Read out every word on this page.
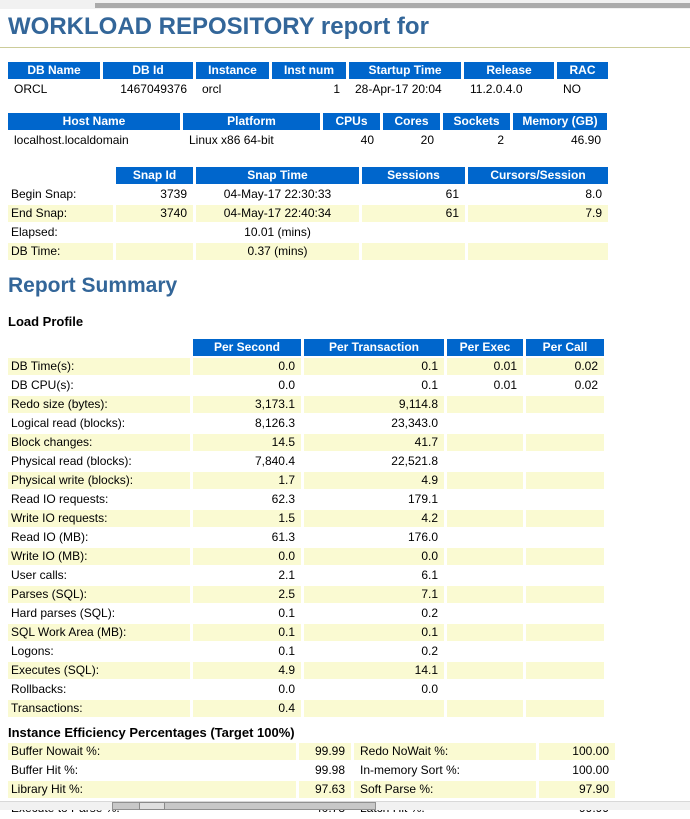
WORKLOAD REPOSITORY report for
DB Name	DB Id	Instance	Inst num	Startup Time	Release	RAC
ORCL	1467049376	orcl	1	28-Apr-17 20:04	11.2.0.4.0	NO
Host Name	Platform	CPUs	Cores	Sockets	Memory (GB)
localhost.localdomain	Linux x86 64-bit	40	20	2	46.90
	Snap Id	Snap Time	Sessions	Cursors/Session
Begin Snap:	3739	04-May-17 22:30:33	61	8.0
End Snap:	3740	04-May-17 22:40:34	61	7.9
Elapsed:		10.01 (mins)		
DB Time:		0.37 (mins)		
Report Summary
Load Profile
	Per Second	Per Transaction	Per Exec	Per Call
DB Time(s):	0.0	0.1	0.01	0.02
DB CPU(s):	0.0	0.1	0.01	0.02
Redo size (bytes):	3,173.1	9,114.8		
Logical read (blocks):	8,126.3	23,343.0		
Block changes:	14.5	41.7		
Physical read (blocks):	7,840.4	22,521.8		
Physical write (blocks):	1.7	4.9		
Read IO requests:	62.3	179.1		
Write IO requests:	1.5	4.2		
Read IO (MB):	61.3	176.0		
Write IO (MB):	0.0	0.0		
User calls:	2.1	6.1		
Parses (SQL):	2.5	7.1		
Hard parses (SQL):	0.1	0.2		
SQL Work Area (MB):	0.1	0.1		
Logons:	0.1	0.2		
Executes (SQL):	4.9	14.1		
Rollbacks:	0.0	0.0		
Transactions:	0.4			
Instance Efficiency Percentages (Target 100%)
Buffer Nowait %:	99.99	Redo NoWait %:	100.00
Buffer Hit %:	99.98	In-memory Sort %:	100.00
Library Hit %:	97.63	Soft Parse %:	97.90
